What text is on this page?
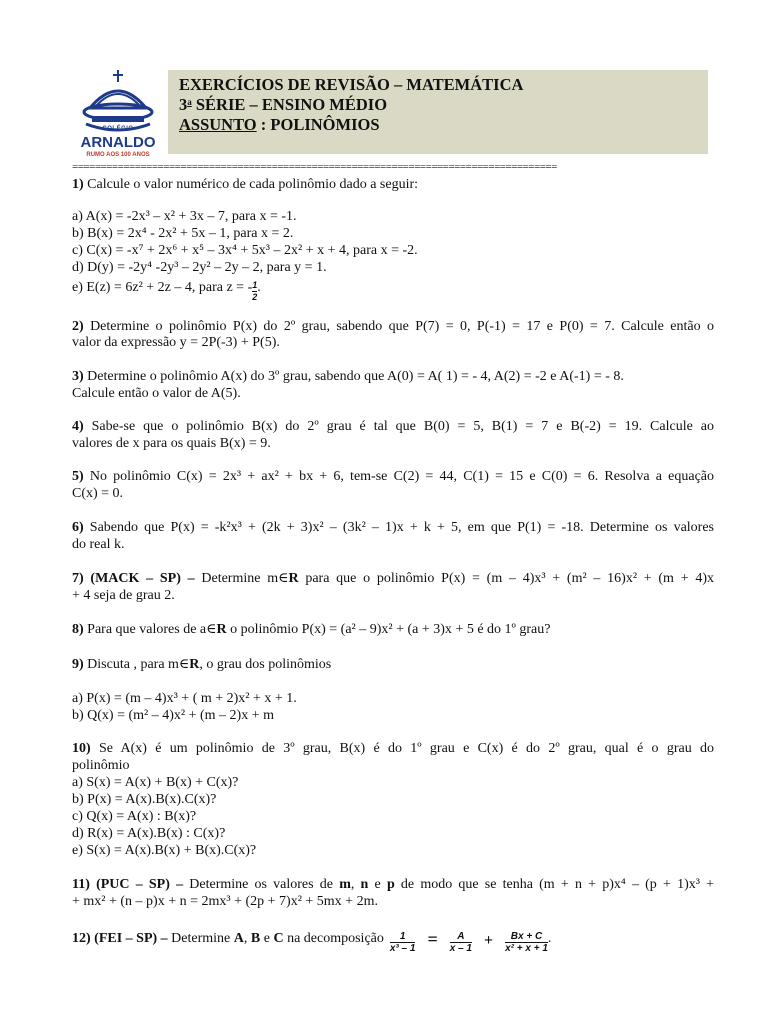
COLÉGIO
ARNALDO
RUMO AOS 100 ANOS
EXERCÍCIOS DE REVISÃO – MATEMÁTICA
3$^a$ SÉRIE – ENSINO MÉDIO
ASSUNTO : POLINÔMIOS
=====================================================================================
1) Calcule o valor numérico de cada polinômio dado a seguir:
a) A(x) = -2x³ – x² + 3x – 7, para x = -1.
b) B(x) = 2x⁴ - 2x² + 5x – 1, para x = 2.
c) C(x) = -x⁷ + 2x⁶ + x⁵ – 3x⁴ + 5x³ – 2x² + x + 4, para x = -2.
d) D(y) = -2y⁴ -2y³ – 2y² – 2y – 2, para y = 1.
e) E(z) = 6z² + 2z – 4, para z = - $\frac{1}{2}$ .
2) Determine o polinômio P(x) do 2º grau, sabendo que P(7) = 0, P(-1) = 17 e P(0) = 7. Calcule então o
valor da expressão y = 2P(-3) + P(5).
3) Determine o polinômio A(x) do 3º grau, sabendo que A(0) = A( 1) = - 4, A(2) = -2 e A(-1) = - 8.
Calcule então o valor de A(5).
4) Sabe-se que o polinômio B(x) do 2º grau é tal que B(0) = 5, B(1) = 7 e B(-2) = 19. Calcule ao
valores de x para os quais B(x) = 9.
5) No polinômio C(x) = 2x³ + ax² + bx + 6, tem-se C(2) = 44, C(1) = 15 e C(0) = 6. Resolva a equação
C(x) = 0.
6) Sabendo que P(x) = -k²x³ + (2k + 3)x² – (3k² – 1)x + k + 5, em que P(1) = -18. Determine os valores
do real k.
7) (MACK – SP) – Determine m∈R para que o polinômio P(x) = (m – 4)x³ + (m² – 16)x² + (m + 4)x
+ 4 seja de grau 2.
8) Para que valores de a∈R o polinômio P(x) = (a² – 9)x² + (a + 3)x + 5 é do 1º grau?
9) Discuta , para m∈R, o grau dos polinômios
a) P(x) = (m – 4)x³ + ( m + 2)x² + x + 1.
b) Q(x) = (m² – 4)x² + (m – 2)x + m
10) Se A(x) é um polinômio de 3º grau, B(x) é do 1º grau e C(x) é do 2º grau, qual é o grau do
polinômio
a) S(x) = A(x) + B(x) + C(x)?
b) P(x) = A(x).B(x).C(x)?
c) Q(x) = A(x) : B(x)?
d) R(x) = A(x).B(x) : C(x)?
e) S(x) = A(x).B(x) + B(x).C(x)?
11) (PUC – SP) – Determine os valores de m, n e p de modo que se tenha (m + n + p)x⁴ – (p + 1)x³ +
+ mx² + (n – p)x + n = 2mx³ + (2p + 7)x² + 5mx + 2m.
12) (FEI – SP) – Determine A, B e C na decomposição $\frac{1}{\text{x³ – 1}} = \frac{A}{x - 1} + \frac{Bx + C}{\text{x² + x + 1}}$ .
